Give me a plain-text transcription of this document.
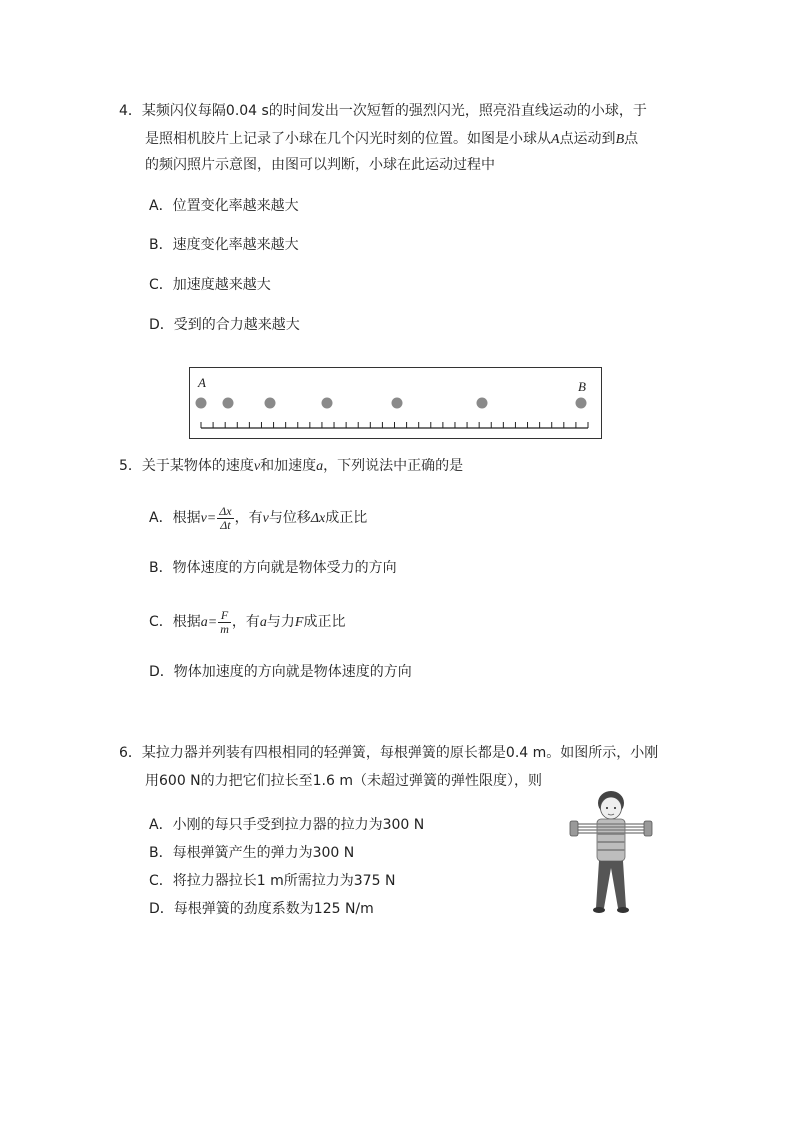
4．某频闪仪每隔0.04 s的时间发出一次短暂的强烈闪光，照亮沿直线运动的小球，于
是照相机胶片上记录了小球在几个闪光时刻的位置。如图是小球从A点运动到B点
的频闪照片示意图，由图可以判断，小球在此运动过程中
A．位置变化率越来越大
B．速度变化率越来越大
C．加速度越来越大
D．受到的合力越来越大
A	B
5．关于某物体的速度v和加速度a，下列说法中正确的是
A．根据$v= \frac{\Delta x}{\Delta t}$ ，有v与位移Δx成正比
B．物体速度的方向就是物体受力的方向
C．根据$a= \frac{F}{m}$ ，有a与力F成正比
D．物体加速度的方向就是物体速度的方向
6．某拉力器并列装有四根相同的轻弹簧，每根弹簧的原长都是0.4 m。如图所示，小刚
用600 N的力把它们拉长至1.6 m（未超过弹簧的弹性限度），则
A．小刚的每只手受到拉力器的拉力为300 N
B．每根弹簧产生的弹力为300 N
C．将拉力器拉长1 m所需拉力为375 N
D．每根弹簧的劲度系数为125 N/m
